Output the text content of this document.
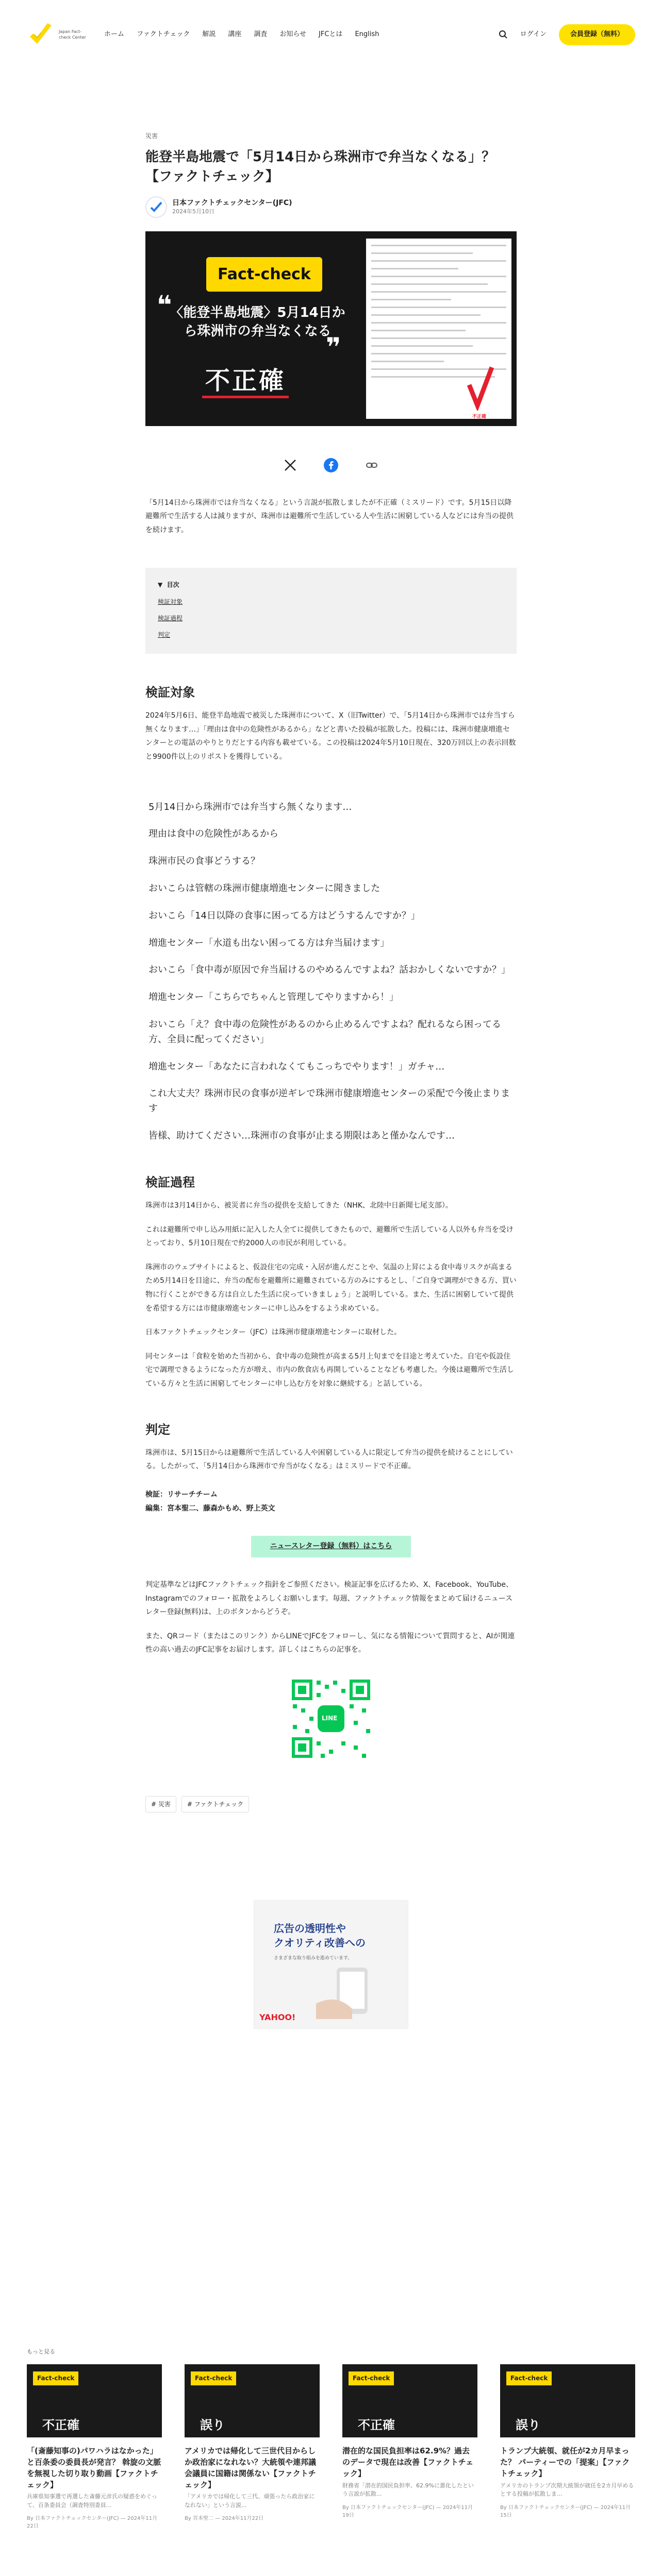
Japan Fact-check Center	ホーム ファクトチェック 解説 講座 調査 お知らせ JFCとは English	ログイン	会員登録（無料）
災害
能登半島地震で「5月14日から珠洲市で弁当なくなる」？【ファクトチェック】
日本ファクトチェックセンター(JFC)
2024年5月10日
Fact-check
❝
❞
〈能登半島地震〉5月14日から珠洲市の弁当なくなる
不正確
不正確

「5月14日から珠洲市では弁当なくなる」という言説が拡散しましたが不正確（ミスリード）です。5月15日以降避難所で生活する人は減りますが、珠洲市は避難所で生活している人や生活に困窮している人などには弁当の提供を続けます。

▼  目次
検証対象
検証過程
判定
検証対象

2024年5月6日、能登半島地震で被災した珠洲市について、X（旧Twitter）で、「5月14日から珠洲市では弁当すら無くなります…」「理由は食中の危険性があるから」などと書いた投稿が拡散した。投稿には、珠洲市健康増進センターとの電話のやりとりだとする内容も載せている。この投稿は2024年5月10日現在、320万回以上の表示回数と9900件以上のリポストを獲得している。

5月14日から珠洲市では弁当すら無くなります…
理由は食中の危険性があるから
珠洲市民の食事どうする？
おいこらは管轄の珠洲市健康増進センターに聞きました
おいこら「14日以降の食事に困ってる方はどうするんですか？」
増進センター「水道も出ない困ってる方は弁当届けます」
おいこら「食中毒が原因で弁当届けるのやめるんですよね？話おかしくないですか？」
増進センター「こちらでちゃんと管理してやりますから！」
おいこら「え？食中毒の危険性があるのから止めるんですよね？配れるなら困ってる方、全員に配ってください」
増進センター「あなたに言われなくてもこっちでやります！」ガチャ…
これ大丈夫？珠洲市民の食事が逆ギレで珠洲市健康増進センターの采配で今後止まります
皆様、助けてください…珠洲市の食事が止まる期限はあと僅かなんです…
検証過程

珠洲市は3月14日から、被災者に弁当の提供を支給してきた（NHK、北陸中日新聞七尾支部）。

これは避難所で申し込み用紙に記入した人全てに提供してきたもので、避難所で生活している人以外も弁当を受けとっており、5月10日現在で約2000人の市民が利用している。

珠洲市のウェブサイトによると、仮設住宅の完成・入居が進んだことや、気温の上昇による食中毒リスクが高まるため5月14日を目途に、弁当の配布を避難所に避難されている方のみにするとし、「ご自身で調理ができる方、買い物に行くことができる方は自立した生活に戻っていきましょう」と説明している。また、生活に困窮していて提供を希望する方には市健康増進センターに申し込みをするよう求めている。

日本ファクトチェックセンター（JFC）は珠洲市健康増進センターに取材した。

同センターは「食粒を始めた当初から、食中毒の危険性が高まる5月上旬までを目途と考えていた。自宅や仮設住宅で調理できるようになった方が増え、市内の飲食店も再開していることなども考慮した。今後は避難所で生活している方々と生活に困窮してセンターに申し込む方を対象に継続する」と話している。

判定

珠洲市は、5月15日からは避難所で生活している人や困窮している人に限定して弁当の提供を続けることにしている。したがって、「5月14日から珠洲市で弁当がなくなる」はミスリードで不正確。

検証：リサーチチーム
編集：宮本聖二、藤森かもめ、野上英文
ニュースレター登録（無料）はこちら

判定基準などはJFCファクトチェック指針をご参照ください。検証記事を広げるため、X、Facebook、YouTube、Instagramでのフォロー・拡散をよろしくお願いします。毎週、ファクトチェック情報をまとめて届けるニュースレター登録(無料)は、上のボタンからどうぞ。

また、QRコード（またはこのリンク）からLINEでJFCをフォローし、気になる情報について質問すると、AIが関連性の高い過去のJFC記事をお届けします。詳しくはこちらの記事を。

LINE
# 災害	# ファクトチェック
広告の透明性や
クオリティ改善への
さまざまな取り組みを進めています。
YAHOO!
もっと見る
Fact-check
不正確
「(斎藤知事の)パワハラはなかった」と百条委の委員長が発言？ 斡旋の文脈を無視した切り取り動画【ファクトチェック】
兵庫県知事選で再選した斎藤元彦氏の疑惑をめぐって、百条委員会（調査特別委員...
By 日本ファクトチェックセンター(JFC) — 2024年11月22日
Fact-check
誤り
アメリカでは帰化して三世代目からしか政治家になれない？大統領や連邦議会議員に国籍は関係ない【ファクトチェック】
「アメリカでは帰化して三代、頑張ったら政治家になれない」という言説...
By 宮本聖二 — 2024年11月22日
Fact-check
不正確
潜在的な国民負担率は62.9%？過去のデータで現在は改善【ファクトチェック】
財務省「潜在的国民負担率、62.9%に悪化したという言説が拡散...
By 日本ファクトチェックセンター(JFC) — 2024年11月19日
Fact-check
誤り
トランプ大統領、就任が2カ月早まった？ パーティーでの「提案」【ファクトチェック】
アメリカのトランプ次期大統領が就任を2カ月早めるとする投稿が拡散しま...
By 日本ファクトチェックセンター(JFC) — 2024年11月15日
